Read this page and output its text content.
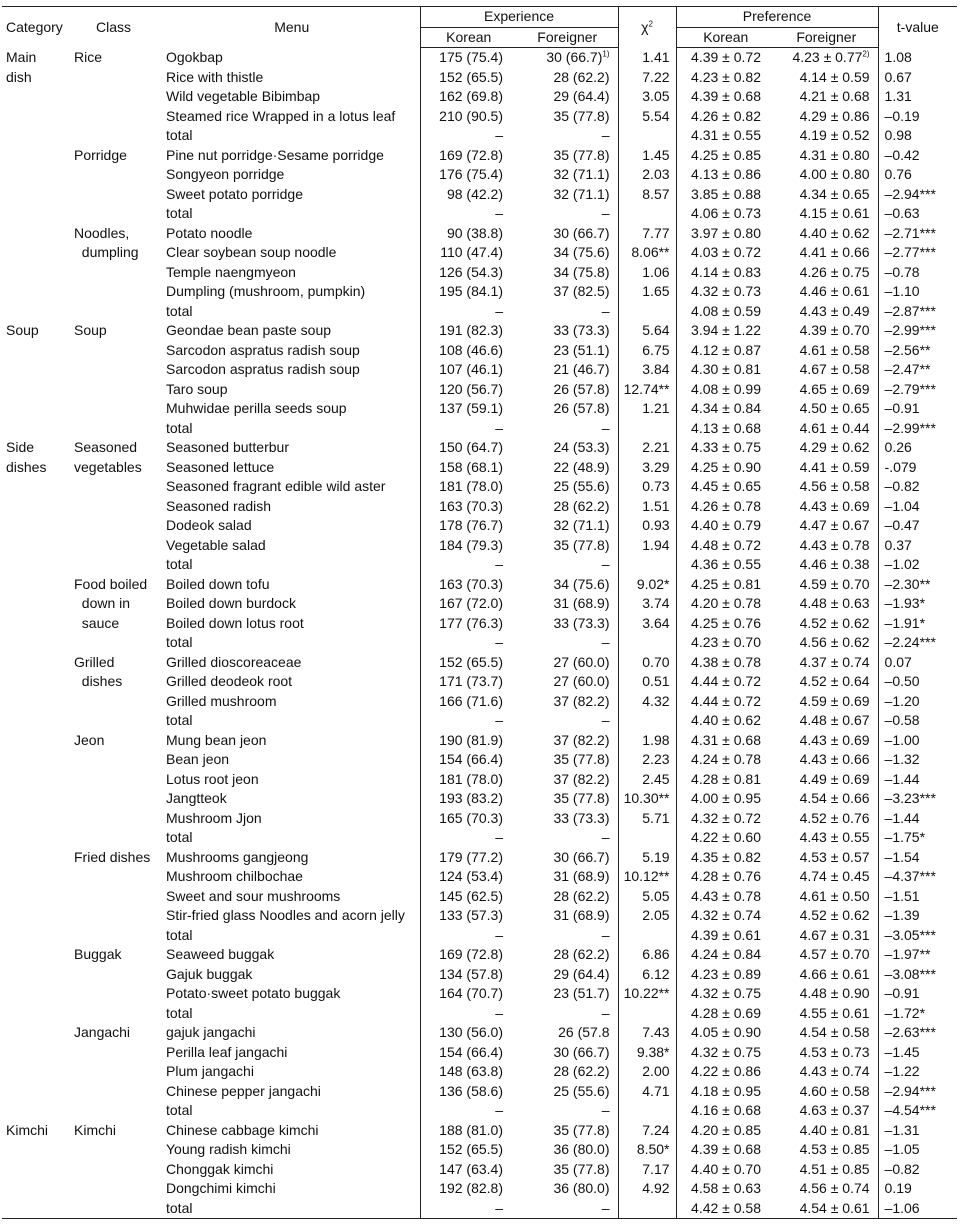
Category	Class	Menu	Experience		$\chi^2$	Preference		t-value
			Korean	Foreigner		Korean	Foreigner	
Main	Rice	Ogokbap	175 (75.4)	30 $(66.7)^{1)}$	1.41	4.39 ± 0.72	$4.23 \pm 0.77^{2)}$	1.08
dish		Rice with thistle	152 (65.5)	28 (62.2)	7.22	4.23 ± 0.82	4.14 ± 0.59	0.67
		Wild vegetable Bibimbap	162 (69.8)	29 (64.4)	3.05	4.39 ± 0.68	4.21 ± 0.68	1.31
		Steamed rice Wrapped in a lotus leaf	210 (90.5)	35 (77.8)	5.54	4.26 ± 0.82	4.29 ± 0.86	–0.19
		total	–	–		4.31 ± 0.55	4.19 ± 0.52	0.98
	Porridge	Pine nut porridge·Sesame porridge	169 (72.8)	35 (77.8)	1.45	4.25 ± 0.85	4.31 ± 0.80	–0.42
		Songyeon porridge	176 (75.4)	32 (71.1)	2.03	4.13 ± 0.86	4.00 ± 0.80	0.76
		Sweet potato porridge	98 (42.2)	32 (71.1)	8.57	3.85 ± 0.88	4.34 ± 0.65	–2.94***
		total	–	–		4.06 ± 0.73	4.15 ± 0.61	–0.63
	Noodles,	Potato noodle	90 (38.8)	30 (66.7)	7.77	3.97 ± 0.80	4.40 ± 0.62	–2.71***
	dumpling	Clear soybean soup noodle	110 (47.4)	34 (75.6)	8.06**	4.03 ± 0.72	4.41 ± 0.66	–2.77***
		Temple naengmyeon	126 (54.3)	34 (75.8)	1.06	4.14 ± 0.83	4.26 ± 0.75	–0.78
		Dumpling (mushroom, pumpkin)	195 (84.1)	37 (82.5)	1.65	4.32 ± 0.73	4.46 ± 0.61	–1.10
		total	–	–		4.08 ± 0.59	4.43 ± 0.49	–2.87***
Soup	Soup	Geondae bean paste soup	191 (82.3)	33 (73.3)	5.64	3.94 ± 1.22	4.39 ± 0.70	–2.99***
		Sarcodon aspratus radish soup	108 (46.6)	23 (51.1)	6.75	4.12 ± 0.87	4.61 ± 0.58	–2.56**
		Sarcodon aspratus radish soup	107 (46.1)	21 (46.7)	3.84	4.30 ± 0.81	4.67 ± 0.58	–2.47**
		Taro soup	120 (56.7)	26 (57.8)	12.74**	4.08 ± 0.99	4.65 ± 0.69	–2.79***
		Muhwidae perilla seeds soup	137 (59.1)	26 (57.8)	1.21	4.34 ± 0.84	4.50 ± 0.65	–0.91
		total	–	–		4.13 ± 0.68	4.61 ± 0.44	–2.99***
Side	Seasoned	Seasoned butterbur	150 (64.7)	24 (53.3)	2.21	4.33 ± 0.75	4.29 ± 0.62	0.26
dishes	vegetables	Seasoned lettuce	158 (68.1)	22 (48.9)	3.29	4.25 ± 0.90	4.41 ± 0.59	-.079
		Seasoned fragrant edible wild aster	181 (78.0)	25 (55.6)	0.73	4.45 ± 0.65	4.56 ± 0.58	–0.82
		Seasoned radish	163 (70.3)	28 (62.2)	1.51	4.26 ± 0.78	4.43 ± 0.69	–1.04
		Dodeok salad	178 (76.7)	32 (71.1)	0.93	4.40 ± 0.79	4.47 ± 0.67	–0.47
		Vegetable salad	184 (79.3)	35 (77.8)	1.94	4.48 ± 0.72	4.43 ± 0.78	0.37
		total	–	–		4.36 ± 0.55	4.46 ± 0.38	–1.02
	Food boiled	Boiled down tofu	163 (70.3)	34 (75.6)	9.02*	4.25 ± 0.81	4.59 ± 0.70	–2.30**
	down in	Boiled down burdock	167 (72.0)	31 (68.9)	3.74	4.20 ± 0.78	4.48 ± 0.63	–1.93*
	sauce	Boiled down lotus root	177 (76.3)	33 (73.3)	3.64	4.25 ± 0.76	4.52 ± 0.62	–1.91*
		total	–	–		4.23 ± 0.70	4.56 ± 0.62	–2.24***
	Grilled	Grilled dioscoreaceae	152 (65.5)	27 (60.0)	0.70	4.38 ± 0.78	4.37 ± 0.74	0.07
	dishes	Grilled deodeok root	171 (73.7)	27 (60.0)	0.51	4.44 ± 0.72	4.52 ± 0.64	–0.50
		Grilled mushroom	166 (71.6)	37 (82.2)	4.32	4.44 ± 0.72	4.59 ± 0.69	–1.20
		total	–	–		4.40 ± 0.62	4.48 ± 0.67	–0.58
	Jeon	Mung bean jeon	190 (81.9)	37 (82.2)	1.98	4.31 ± 0.68	4.43 ± 0.69	–1.00
		Bean jeon	154 (66.4)	35 (77.8)	2.23	4.24 ± 0.78	4.43 ± 0.66	–1.32
		Lotus root jeon	181 (78.0)	37 (82.2)	2.45	4.28 ± 0.81	4.49 ± 0.69	–1.44
		Jangtteok	193 (83.2)	35 (77.8)	10.30**	4.00 ± 0.95	4.54 ± 0.66	–3.23***
		Mushroom Jjon	165 (70.3)	33 (73.3)	5.71	4.32 ± 0.72	4.52 ± 0.76	–1.44
		total	–	–		4.22 ± 0.60	4.43 ± 0.55	–1.75*
	Fried dishes	Mushrooms gangjeong	179 (77.2)	30 (66.7)	5.19	4.35 ± 0.82	4.53 ± 0.57	–1.54
		Mushroom chilbochae	124 (53.4)	31 (68.9)	10.12**	4.28 ± 0.76	4.74 ± 0.45	–4.37***
		Sweet and sour mushrooms	145 (62.5)	28 (62.2)	5.05	4.43 ± 0.78	4.61 ± 0.50	–1.51
		Stir-fried glass Noodles and acorn jelly	133 (57.3)	31 (68.9)	2.05	4.32 ± 0.74	4.52 ± 0.62	–1.39
		total	–	–		4.39 ± 0.61	4.67 ± 0.31	–3.05***
	Buggak	Seaweed buggak	169 (72.8)	28 (62.2)	6.86	4.24 ± 0.84	4.57 ± 0.70	–1.97**
		Gajuk buggak	134 (57.8)	29 (64.4)	6.12	4.23 ± 0.89	4.66 ± 0.61	–3.08***
		Potato·sweet potato buggak	164 (70.7)	23 (51.7)	10.22**	4.32 ± 0.75	4.48 ± 0.90	–0.91
		total	–	–		4.28 ± 0.69	4.55 ± 0.61	–1.72*
	Jangachi	gajuk jangachi	130 (56.0)	26 (57.8	7.43	4.05 ± 0.90	4.54 ± 0.58	–2.63***
		Perilla leaf jangachi	154 (66.4)	30 (66.7)	9.38*	4.32 ± 0.75	4.53 ± 0.73	–1.45
		Plum jangachi	148 (63.8)	28 (62.2)	2.00	4.22 ± 0.86	4.43 ± 0.74	–1.22
		Chinese pepper jangachi	136 (58.6)	25 (55.6)	4.71	4.18 ± 0.95	4.60 ± 0.58	–2.94***
		total	–	–		4.16 ± 0.68	4.63 ± 0.37	–4.54***
Kimchi	Kimchi	Chinese cabbage kimchi	188 (81.0)	35 (77.8)	7.24	4.20 ± 0.85	4.40 ± 0.81	–1.31
		Young radish kimchi	152 (65.5)	36 (80.0)	8.50*	4.39 ± 0.68	4.53 ± 0.85	–1.05
		Chonggak kimchi	147 (63.4)	35 (77.8)	7.17	4.40 ± 0.70	4.51 ± 0.85	–0.82
		Dongchimi kimchi	192 (82.8)	36 (80.0)	4.92	4.58 ± 0.63	4.56 ± 0.74	0.19
		total	–	–		4.42 ± 0.58	4.54 ± 0.61	–1.06
